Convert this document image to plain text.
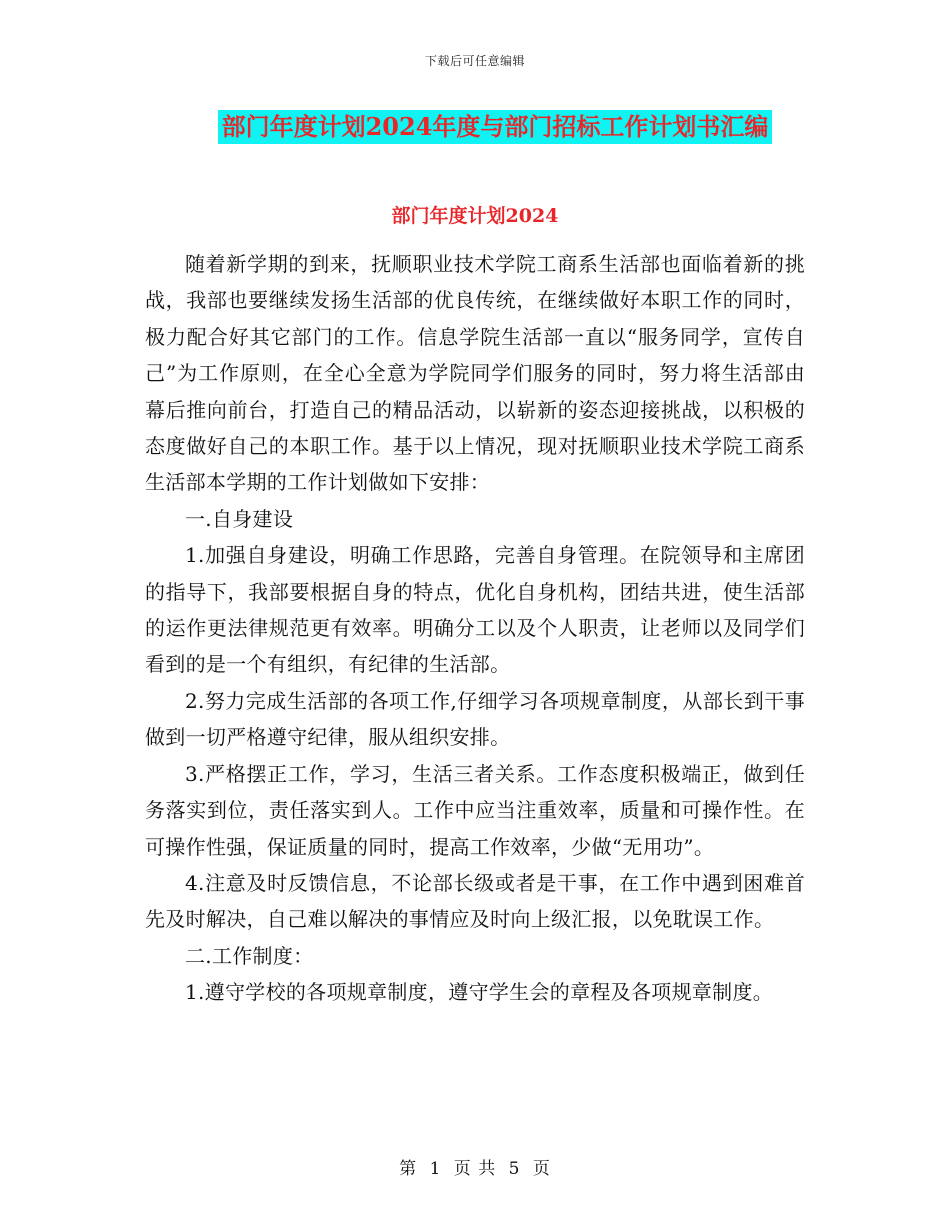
下载后可任意编辑
部门年度计划2024年度与部门招标工作计划书汇编
部门年度计划2024

随着新学期的到来，抚顺职业技术学院工商系生活部也面临着新的挑战，我部也要继续发扬生活部的优良传统，在继续做好本职工作的同时，极力配合好其它部门的工作。信息学院生活部一直以“服务同学，宣传自己”为工作原则，在全心全意为学院同学们服务的同时，努力将生活部由幕后推向前台，打造自己的精品活动，以崭新的姿态迎接挑战，以积极的态度做好自己的本职工作。基于以上情况，现对抚顺职业技术学院工商系生活部本学期的工作计划做如下安排：

一.自身建设

1.加强自身建设，明确工作思路，完善自身管理。在院领导和主席团的指导下，我部要根据自身的特点，优化自身机构，团结共进，使生活部的运作更法律规范更有效率。明确分工以及个人职责，让老师以及同学们看到的是一个有组织，有纪律的生活部。

2.努力完成生活部的各项工作,仔细学习各项规章制度，从部长到干事做到一切严格遵守纪律，服从组织安排。

3.严格摆正工作，学习，生活三者关系。工作态度积极端正，做到任务落实到位，责任落实到人。工作中应当注重效率，质量和可操作性。在可操作性强，保证质量的同时，提高工作效率，少做“无用功”。

4.注意及时反馈信息，不论部长级或者是干事，在工作中遇到困难首先及时解决，自己难以解决的事情应及时向上级汇报，以免耽误工作。

二.工作制度：

1.遵守学校的各项规章制度，遵守学生会的章程及各项规章制度。

第 1 页 共 5 页
